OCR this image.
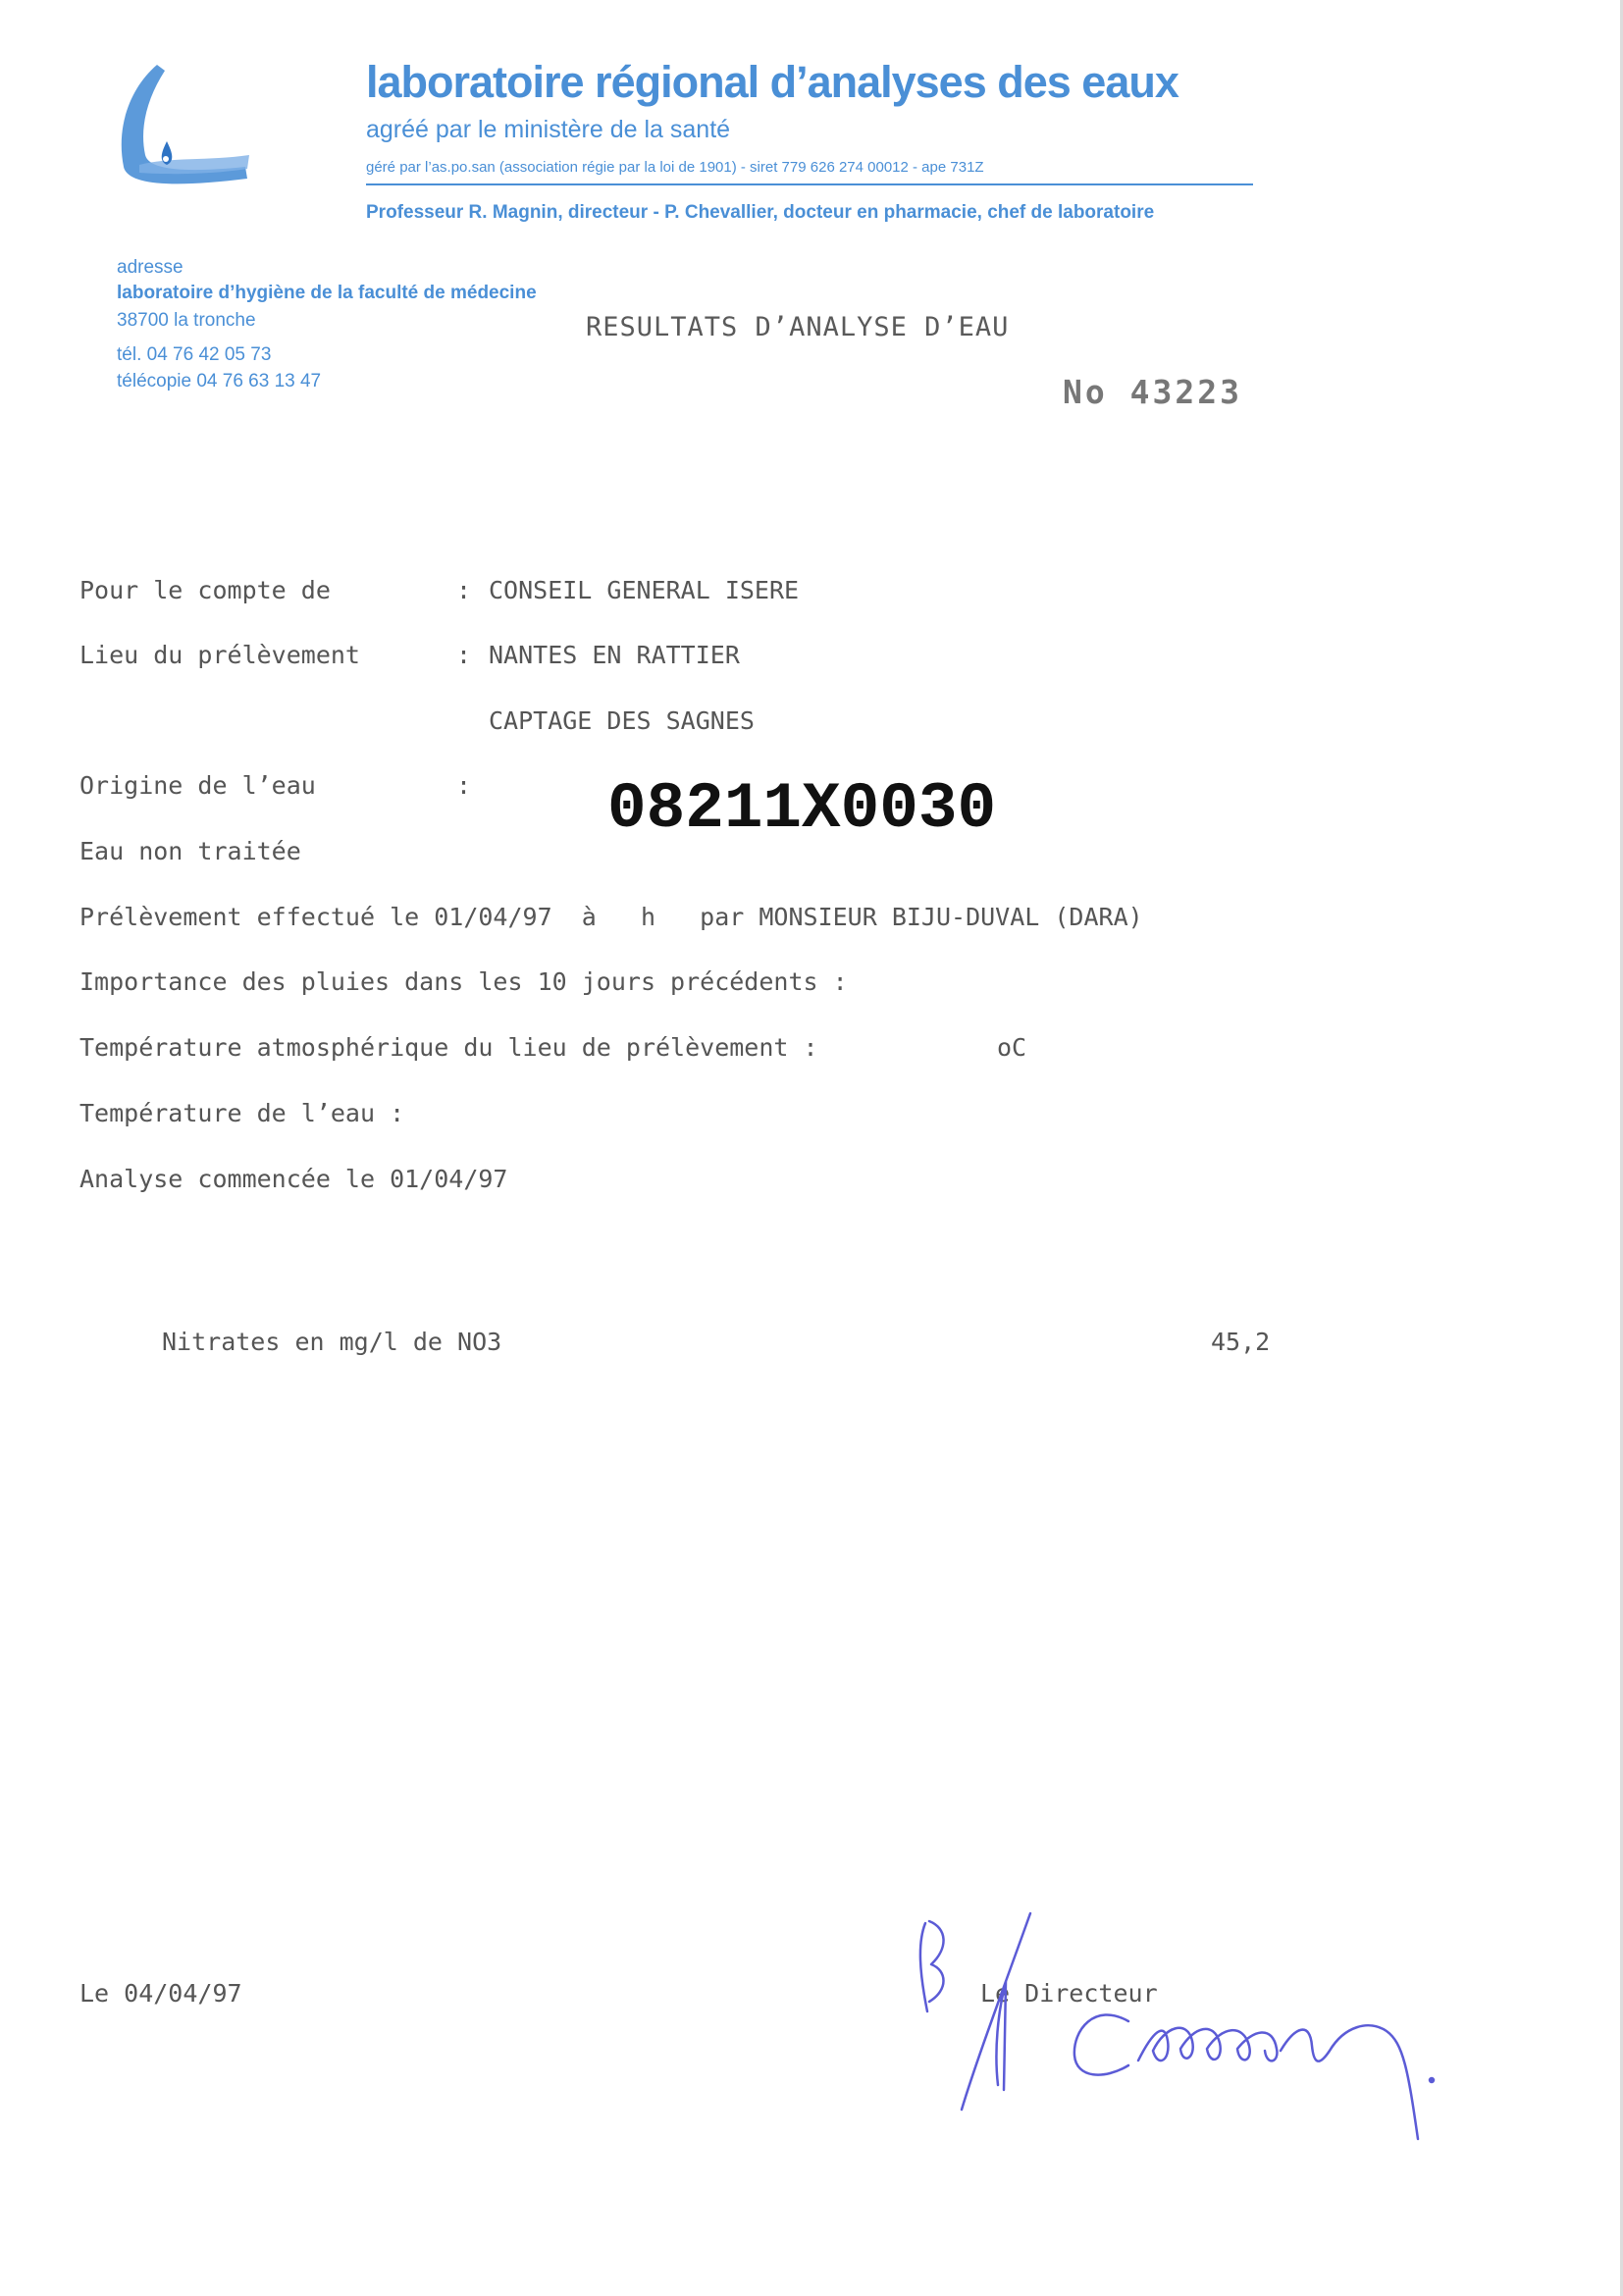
laboratoire régional d’analyses des eaux
agréé par le ministère de la santé
géré par l’as.po.san (association régie par la loi de 1901) - siret 779 626 274 00012 - ape 731Z
Professeur R. Magnin, directeur - P. Chevallier, docteur en pharmacie, chef de laboratoire
adresse
laboratoire d’hygiène de la faculté de médecine
38700 la tronche
tél. 04 76 42 05 73
télécopie 04 76 63 13 47
RESULTATS D’ANALYSE D’EAU
No 43223
Pour le compte de	: CONSEIL GENERAL ISERE
Lieu du prélèvement	: NANTES EN RATTIER
CAPTAGE DES SAGNES
Origine de l’eau	: 08211X0030
Eau non traitée
Prélèvement effectué le 01/04/97  à   h   par MONSIEUR BIJU-DUVAL (DARA)
Importance des pluies dans les 10 jours précédents :
Température atmosphérique du lieu de prélèvement :	oC
Température de l’eau :
Analyse commencée le 01/04/97
Nitrates en mg/l de NO3	45,2
Le 04/04/97	Le Directeur
